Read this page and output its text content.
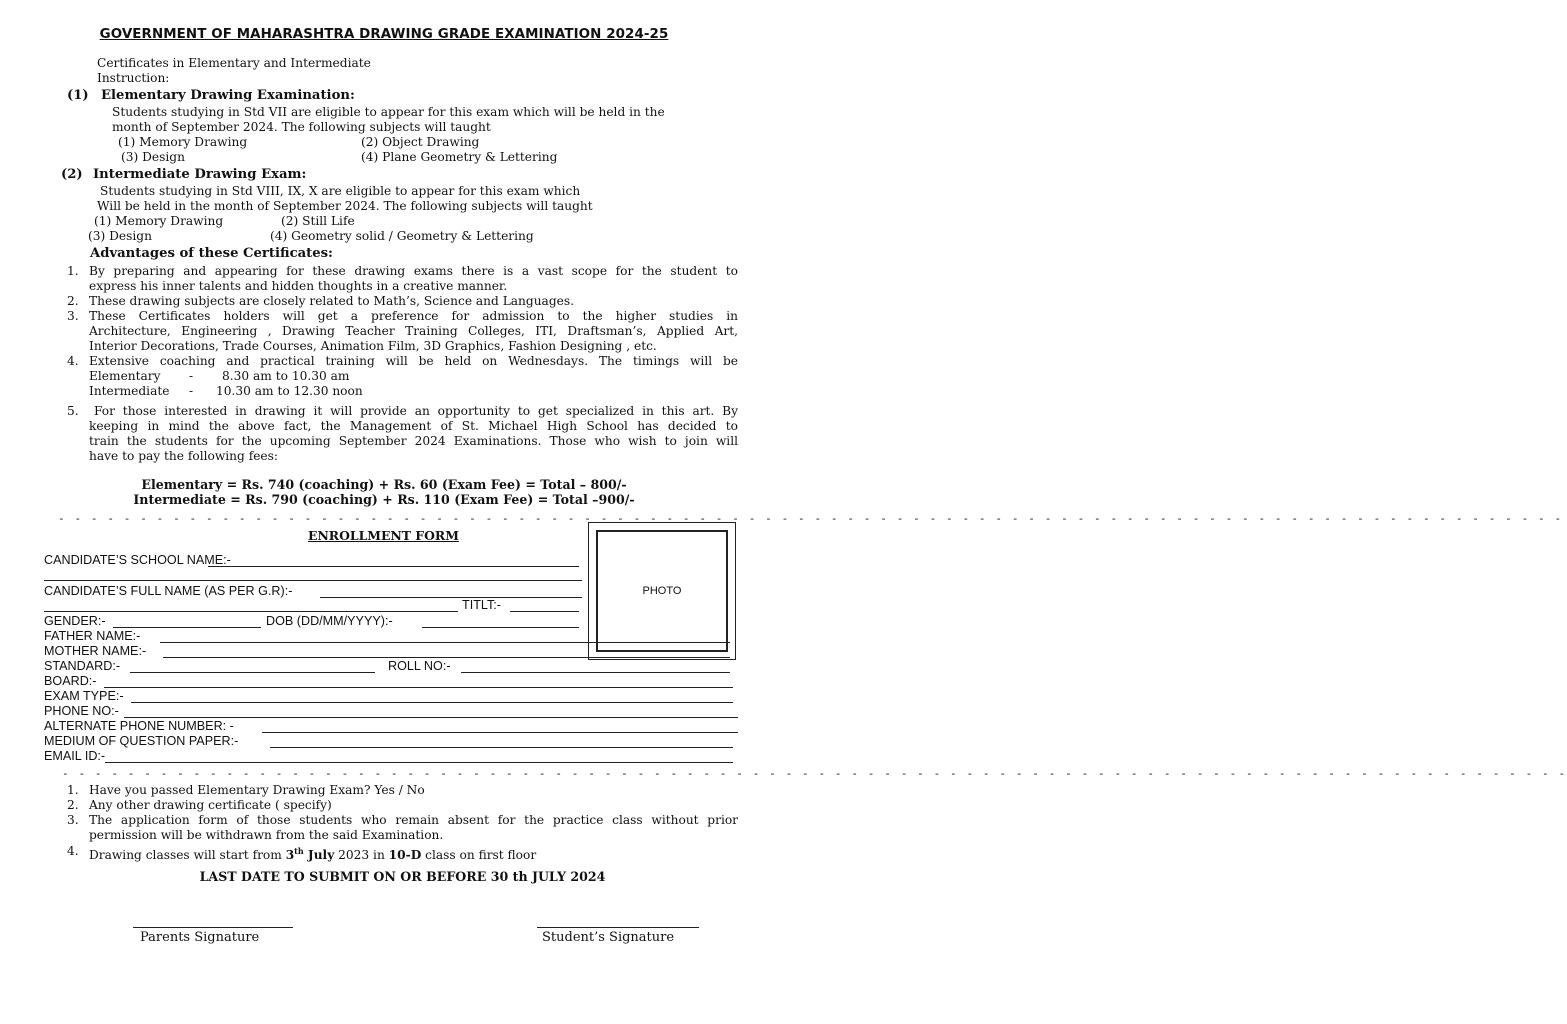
GOVERNMENT OF MAHARASHTRA DRAWING GRADE EXAMINATION 2024-25
Certificates in Elementary and Intermediate
Instruction:
(1) Elementary Drawing Examination:
Students studying in Std VII are eligible to appear for this exam which will be held in the
month of September 2024. The following subjects will taught
(1) Memory Drawing	(2) Object Drawing
(3) Design	(4) Plane Geometry & Lettering
(2) Intermediate Drawing Exam:
Students studying in Std VIII, IX, X are eligible to appear for this exam which
Will be held in the month of September 2024. The following subjects will taught
(1) Memory Drawing	(2) Still Life
(3) Design	(4) Geometry solid / Geometry & Lettering
Advantages of these Certificates:
1. By preparing and appearing for these drawing exams there is a vast scope for the student to
express his inner talents and hidden thoughts in a creative manner.
2. These drawing subjects are closely related to Math’s, Science and Languages.
3. These Certificates holders will get a preference for admission to the higher studies in
Architecture, Engineering , Drawing Teacher Training Colleges, ITI, Draftsman’s, Applied Art,
Interior Decorations, Trade Courses, Animation Film, 3D Graphics, Fashion Designing , etc.
4. Extensive coaching and practical training will be held on Wednesdays. The timings will be
Elementary - 8.30 am to 10.30 am
Intermediate - 10.30 am to 12.30 noon
5. For those interested in drawing it will provide an opportunity to get specialized in this art. By
keeping in mind the above fact, the Management of St. Michael High School has decided to
train the students for the upcoming September 2024 Examinations. Those who wish to join will
have to pay the following fees:
Elementary = Rs. 740 (coaching) + Rs. 60 (Exam Fee) = Total – 800/-
Intermediate = Rs. 790 (coaching) + Rs. 110 (Exam Fee) = Total –900/-
- - - - - - - - - - - - - - - - - - - - - - - - - - - - - - - - - - - - - - - - - - - - - - - - - - - - - - - - - - - - - - - - - - - - - - - - - - - - - - - - - - - - - - - - - - - -
ENROLLMENT FORM
PHOTO
CANDIDATE’S SCHOOL NAME:-
CANDIDATE’S FULL NAME (AS PER G.R):-
TITLT:-
GENDER:-	DOB (DD/MM/YYYY):-
FATHER NAME:-
MOTHER NAME:-
STANDARD:-	ROLL NO:-
BOARD:-
EXAM TYPE:-
PHONE NO:-
ALTERNATE PHONE NUMBER: -
MEDIUM OF QUESTION PAPER:-
EMAIL ID:-
- - - - - - - - - - - - - - - - - - - - - - - - - - - - - - - - - - - - - - - - - - - - - - - - - - - - - - - - - - - - - - - - - - - - - - - - - - - - - - - - - - - - - - - - - - - -
1. Have you passed Elementary Drawing Exam? Yes / No
2. Any other drawing certificate ( specify)
3. The application form of those students who remain absent for the practice class without prior
permission will be withdrawn from the said Examination.
4. Drawing classes will start from 3th July 2023 in 10-D class on first floor
LAST DATE TO SUBMIT ON OR BEFORE 30 th JULY 2024
Parents Signature	Student’s Signature
